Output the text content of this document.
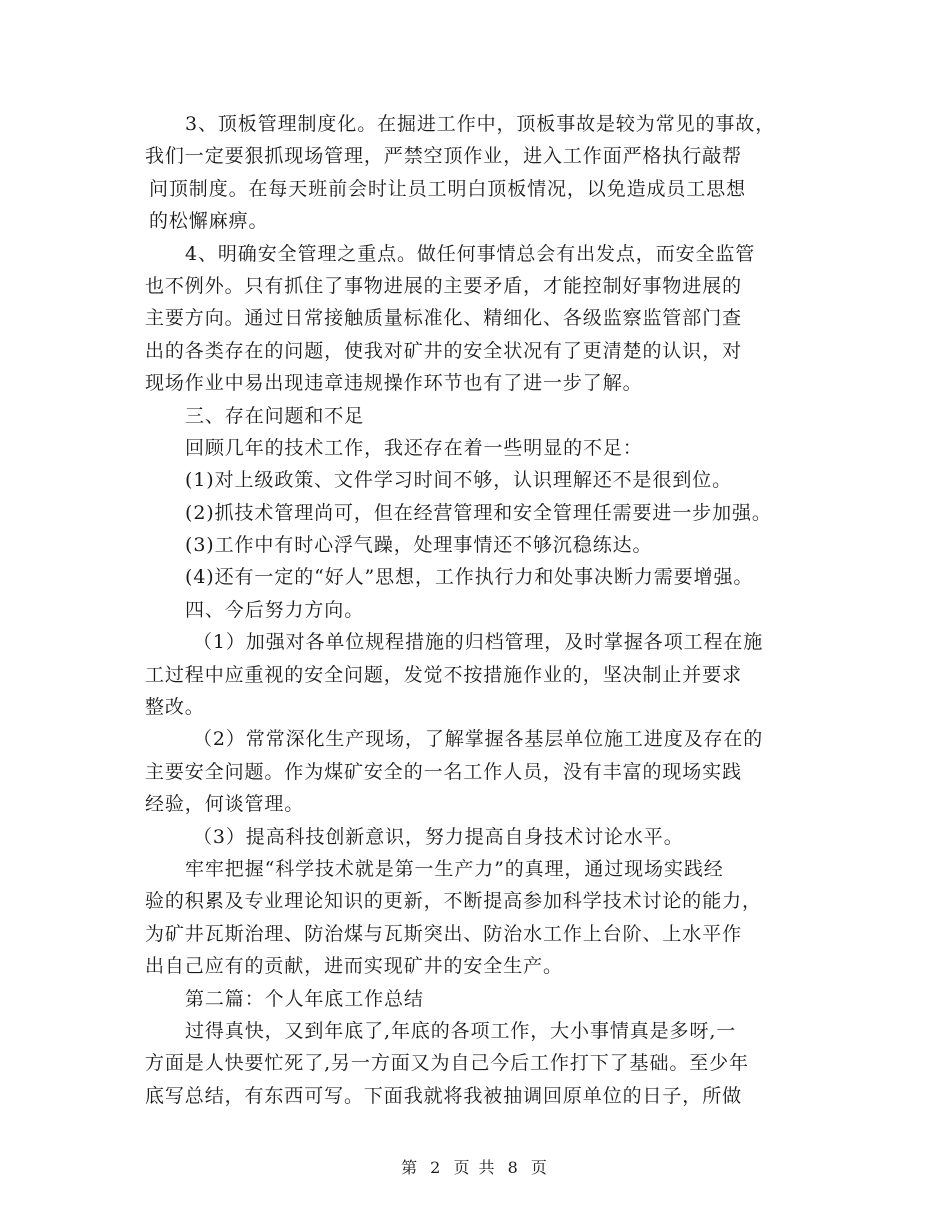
3、顶板管理制度化。在掘进工作中，顶板事故是较为常见的事故，
我们一定要狠抓现场管理，严禁空顶作业，进入工作面严格执行敲帮
问顶制度。在每天班前会时让员工明白顶板情况，以免造成员工思想
的松懈麻痹。
4、明确安全管理之重点。做任何事情总会有出发点，而安全监管
也不例外。只有抓住了事物进展的主要矛盾，才能控制好事物进展的
主要方向。通过日常接触质量标准化、精细化、各级监察监管部门查
出的各类存在的问题，使我对矿井的安全状况有了更清楚的认识，对
现场作业中易出现违章违规操作环节也有了进一步了解。
三、存在问题和不足
回顾几年的技术工作，我还存在着一些明显的不足：
(1)对上级政策、文件学习时间不够，认识理解还不是很到位。
(2)抓技术管理尚可，但在经营管理和安全管理任需要进一步加强。
(3)工作中有时心浮气躁，处理事情还不够沉稳练达。
(4)还有一定的“好人”思想，工作执行力和处事决断力需要增强。
四、今后努力方向。
（1）加强对各单位规程措施的归档管理，及时掌握各项工程在施
工过程中应重视的安全问题，发觉不按措施作业的，坚决制止并要求
整改。
（2）常常深化生产现场，了解掌握各基层单位施工进度及存在的
主要安全问题。作为煤矿安全的一名工作人员，没有丰富的现场实践
经验，何谈管理。
（3）提高科技创新意识，努力提高自身技术讨论水平。
牢牢把握“科学技术就是第一生产力”的真理，通过现场实践经
验的积累及专业理论知识的更新，不断提高参加科学技术讨论的能力，
为矿井瓦斯治理、防治煤与瓦斯突出、防治水工作上台阶、上水平作
出自己应有的贡献，进而实现矿井的安全生产。
第二篇：个人年底工作总结
过得真快，又到年底了,年底的各项工作，大小事情真是多呀,一
方面是人快要忙死了,另一方面又为自己今后工作打下了基础。至少年
底写总结，有东西可写。下面我就将我被抽调回原单位的日子，所做
第 2 页 共 8 页
